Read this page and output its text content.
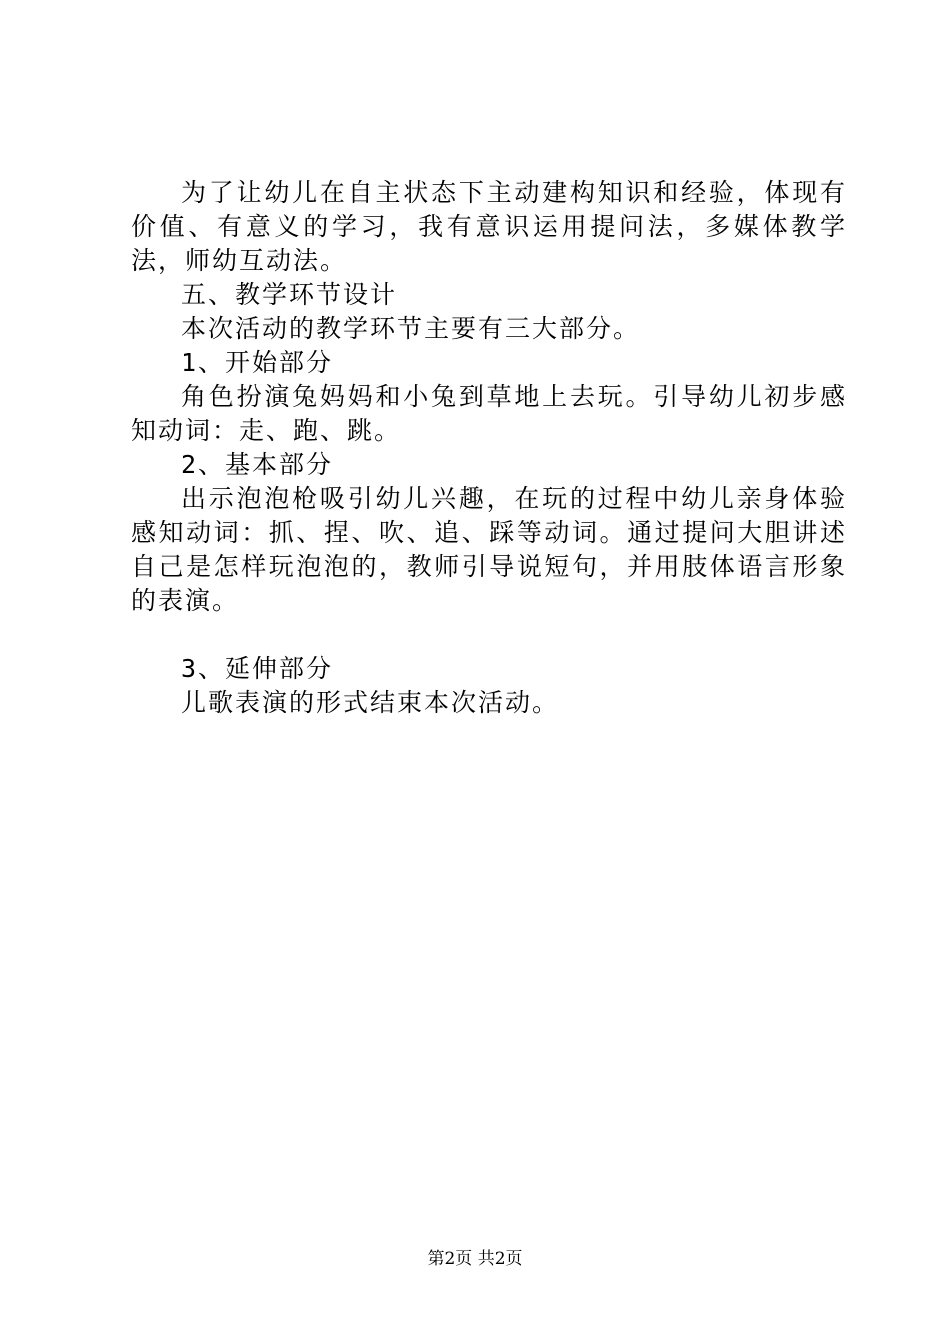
为了让幼儿在自主状态下主动建构知识和经验，体现有价值、有意义的学习，我有意识运用提问法，多媒体教学法，师幼互动法。

五、教学环节设计

本次活动的教学环节主要有三大部分。

1、开始部分

角色扮演兔妈妈和小兔到草地上去玩。引导幼儿初步感知动词：走、跑、跳。

2、基本部分

出示泡泡枪吸引幼儿兴趣，在玩的过程中幼儿亲身体验感知动词：抓、捏、吹、追、踩等动词。通过提问大胆讲述自己是怎样玩泡泡的，教师引导说短句，并用肢体语言形象的表演。

3、延伸部分

儿歌表演的形式结束本次活动。

第2页 共2页
